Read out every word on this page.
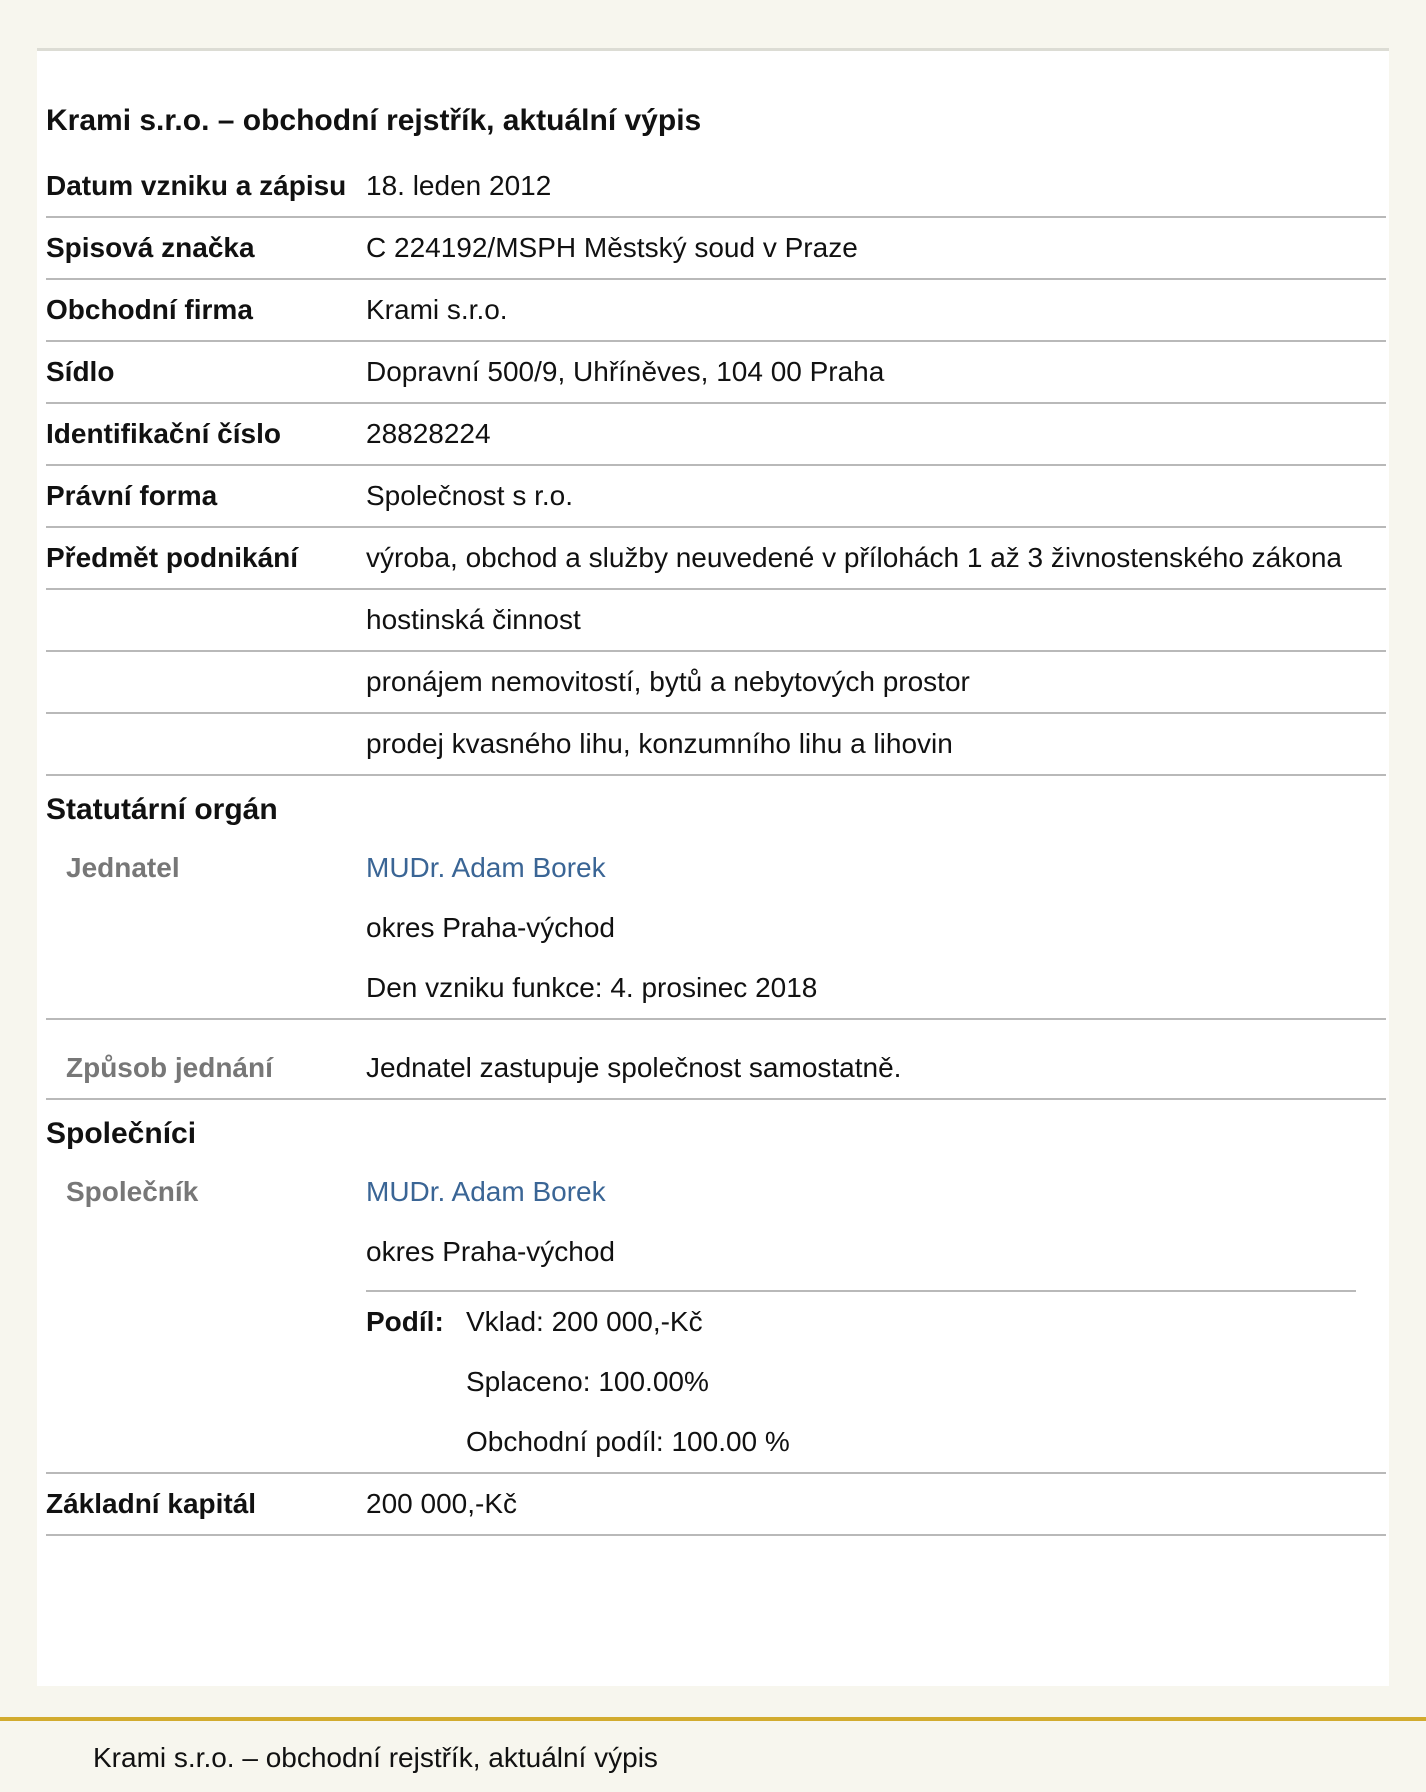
Krami s.r.o. – obchodní rejstřík, aktuální výpis
Datum vzniku a zápisu 18. leden 2012
Spisová značka	C 224192/MSPH Městský soud v Praze
Obchodní firma	Krami s.r.o.
Sídlo	Dopravní 500/9, Uhříněves, 104 00 Praha
Identifikační číslo	28828224
Právní forma	Společnost s r.o.
Předmět podnikání	výroba, obchod a služby neuvedené v přílohách 1 až 3 živnostenského zákona
hostinská činnost
pronájem nemovitostí, bytů a nebytových prostor
prodej kvasného lihu, konzumního lihu a lihovin
Statutární orgán
Jednatel	MUDr. Adam Borek
okres Praha-východ
Den vzniku funkce: 4. prosinec 2018
Způsob jednání	Jednatel zastupuje společnost samostatně.
Společníci
Společník	MUDr. Adam Borek
okres Praha-východ
Podíl: Vklad: 200 000,-Kč
Splaceno: 100.00%
Obchodní podíl: 100.00 %
Základní kapitál	200 000,-Kč
Krami s.r.o. – obchodní rejstřík, aktuální výpis
